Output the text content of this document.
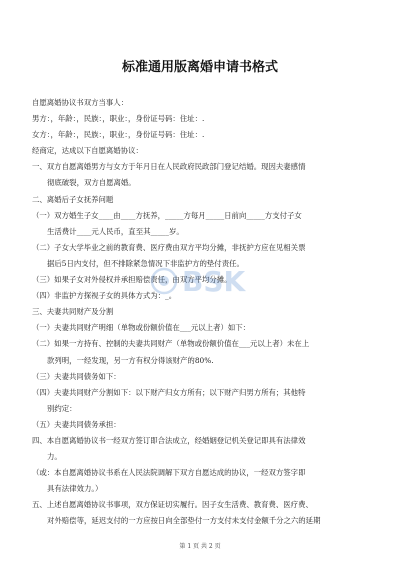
标准通用版离婚申请书格式
自愿离婚协议书双方当事人：
男方：，年龄：，民族：，职业：，身份证号码：住址：.
女方：，年龄：，民族：，职业：，身份证号码：住址：.
经商定，达成以下自愿离婚协议：
一、双方自愿离婚男方与女方于年月日在人民政府民政部门登记结婚。现因夫妻感情
彻底破裂，双方自愿离婚。
二、离婚后子女抚养问题
（一）双方婚生子女____由____方抚养，_____方每月_____日前向_____方支付子女
生活费计____元人民币，直至其_____岁。
（二）子女大学毕业之前的教育费、医疗费由双方平均分摊，非抚护方应在见相关票
据后5日内支付，但不排除紧急情况下非监护方的垫付责任。
（三）如果子女对外侵权并承担赔偿责任，由双方平均分摊。
（四）非监护方探视子女的具体方式为：_。
三、夫妻共同财产及分割
（一）夫妻共同财产明细（单物或份额价值在___元以上者）如下：
（二）如果一方持有、控制的夫妻共同财产（单物或份额价值在___元以上者）未在上
款列明，一经发现，另一方有权分得该财产的80%.
（三）夫妻共同债务如下：
（四）夫妻共同财产分割如下：以下财产归女方所有；以下财产归男方所有；其他特
别约定：
（五）夫妻共同债务承担：
四、本自愿离婚协议书一经双方签订即合法成立，经婚姻登记机关登记即具有法律效
力。
（或：本自愿离婚协议书系在人民法院调解下双方自愿达成的协议，一经双方签字即
具有法律效力。）
五、上述自愿离婚协议书事项，双方保证切实履行。因子女生活费、教育费、医疗费、
对外赔偿等，延迟支付的一方应按日向全部垫付一方支付未支付金额千分之六的延期
BSK
第 1 页 共 2 页
